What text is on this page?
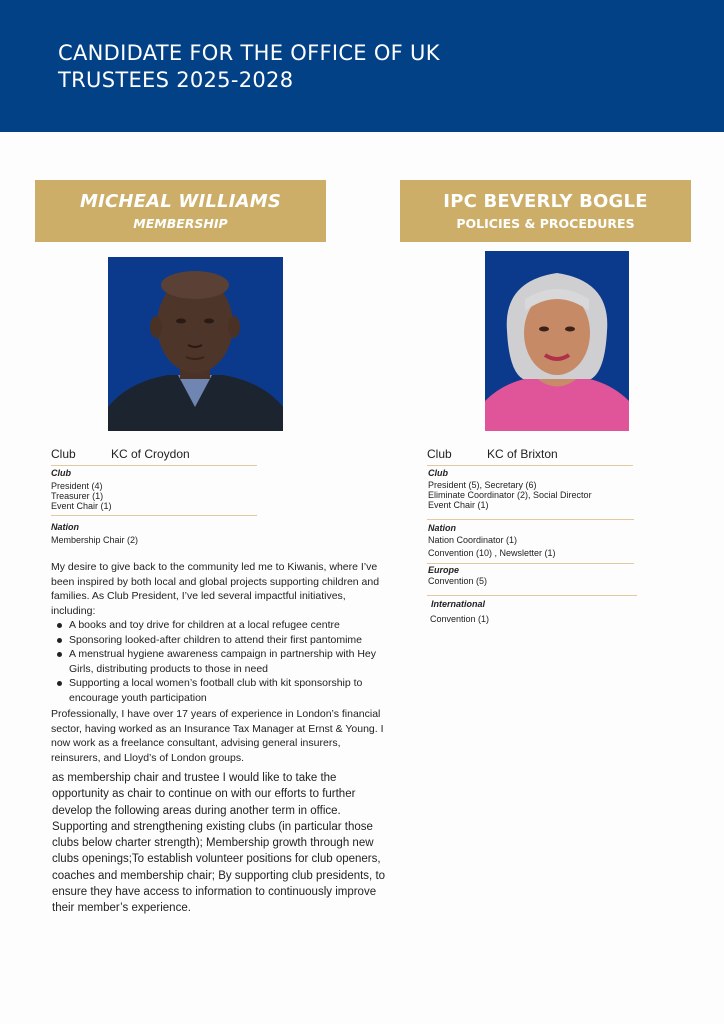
CANDIDATE FOR THE OFFICE OF UK
TRUSTEES 2025-2028
MICHEAL WILLIAMS
MEMBERSHIP
IPC BEVERLY BOGLE
POLICIES & PROCEDURES
Club	KC of Croydon
Club
President (4)
Treasurer (1)
Event Chair (1)
Nation
Membership Chair (2)
My desire to give back to the community led me to Kiwanis, where I’ve
been inspired by both local and global projects supporting children and
families. As Club President, I’ve led several impactful initiatives,
including:
A books and toy drive for children at a local refugee centre
Sponsoring looked-after children to attend their first pantomime
A menstrual hygiene awareness campaign in partnership with Hey
Girls, distributing products to those in need
Supporting a local women’s football club with kit sponsorship to
encourage youth participation
Professionally, I have over 17 years of experience in London’s financial
sector, having worked as an Insurance Tax Manager at Ernst & Young. I
now work as a freelance consultant, advising general insurers,
reinsurers, and Lloyd’s of London groups.
as membership chair and trustee I would like to take the
opportunity as chair to continue on with our efforts to further
develop the following areas during another term in office.
Supporting and strengthening existing clubs (in particular those
clubs below charter strength); Membership growth through new
clubs openings;To establish volunteer positions for club openers,
coaches and membership chair; By supporting club presidents, to
ensure they have access to information to continuously improve
their member’s experience.
Club	KC of Brixton
Club
President (5), Secretary (6)
Eliminate Coordinator (2), Social Director
Event Chair (1)
Nation
Nation Coordinator (1)
Convention (10) , Newsletter (1)
Europe
Convention (5)
International
Convention (1)
